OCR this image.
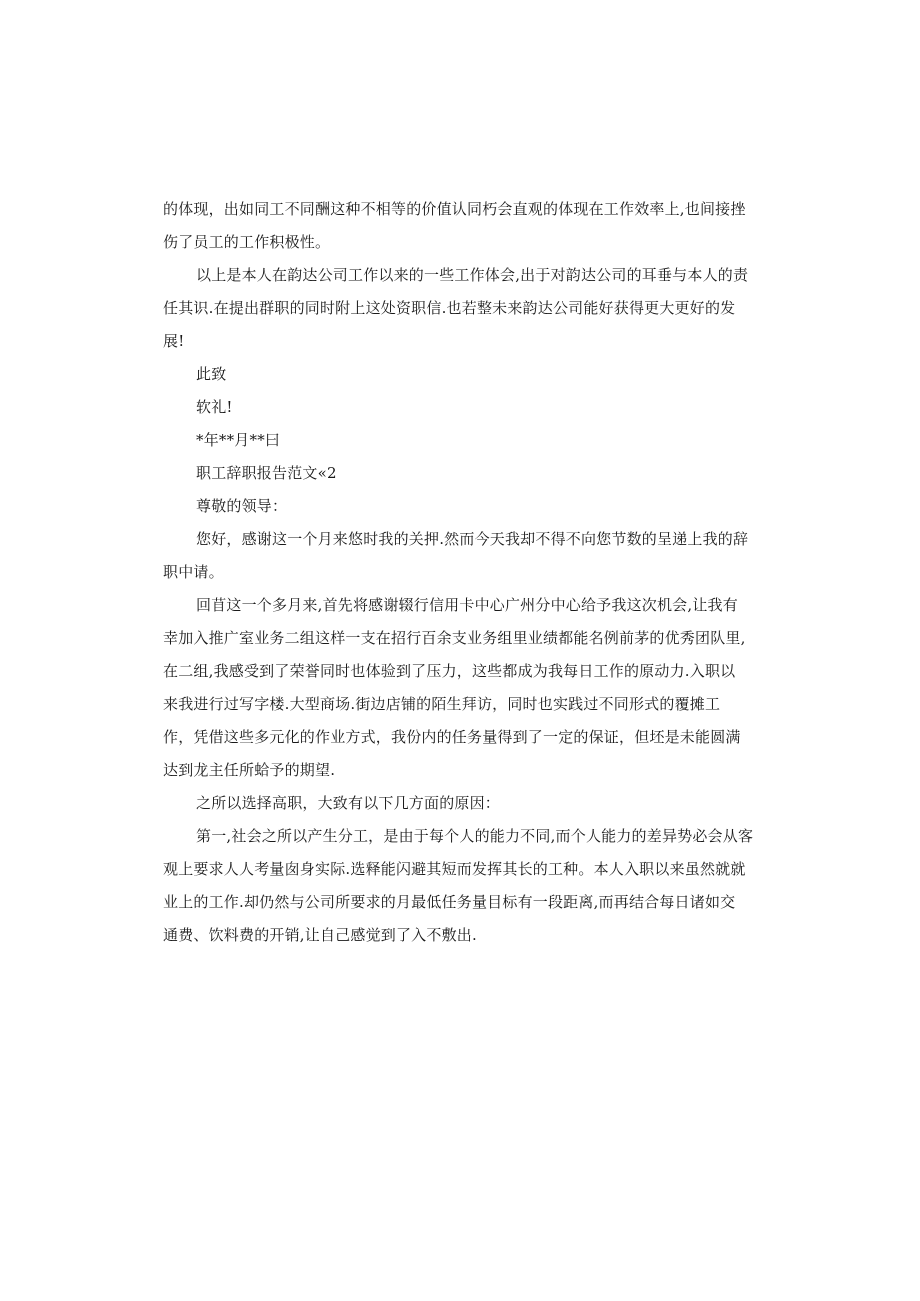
的体现，出如同工不同酬这种不相等的价值认同朽会直观的体现在工作效率上,也间接挫
伤了员工的工作积极性。
以上是本人在韵达公司工作以来的一些工作体会,出于对韵达公司的耳垂与本人的责
任其识.在提出群职的同时附上这处资职信.也若整未来韵达公司能好获得更大更好的发
展!
此致
软礼!
*年**月**曰
职工辞职报告范文«2
尊敬的领导：
您好，感谢这一个月来悠时我的关押.然而今天我却不得不向您节数的呈递上我的辞
职中请。
回苜这一个多月来,首先将感谢辍行信用卡中心广州分中心给予我这次机会,让我有
幸加入推广室业务二组这样一支在招行百余支业务组里业绩都能名例前茅的优秀团队里,
在二组,我感受到了荣誉同时也体验到了压力，这些都成为我每日工作的原动力.入职以
来我进行过写字楼.大型商场.街边店铺的陌生拜访，同时也实践过不同形式的覆摊工
作，凭借这些多元化的作业方式，我份内的任务量得到了一定的保证，但坯是未能圆满
达到龙主任所蛤予的期望.
之所以选择高职，大致有以下几方面的原因：
第一,社会之所以产生分工，是由于每个人的能力不同,而个人能力的差异势必会从客
观上要求人人考量囱身实际.选释能闪避其短而发挥其长的工种。本人入职以来虽然就就
业上的工作.却仍然与公司所要求的月最低任务量目标有一段距离,而再结合每日诸如交
通费、饮料费的开销,让自己感觉到了入不敷出.
